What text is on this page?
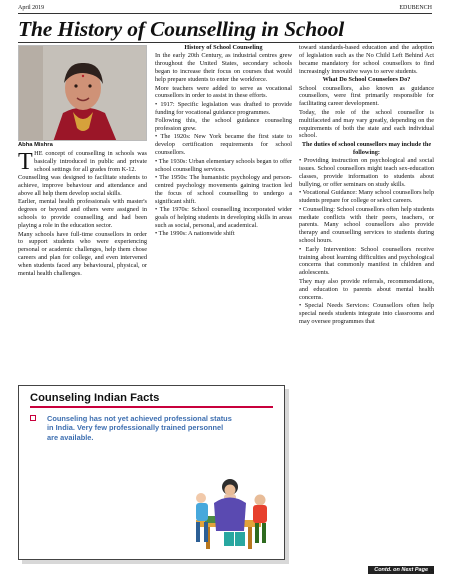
April 2019	EDUBENCH
The History of Counselling in School
Abha Mishra

THE concept of counselling in schools was basically introduced in public and private school settings for all grades from K-12.

Counselling was designed to facilitate students to achieve, improve behaviour and attendance and above all help them develop social skills.

Earlier, mental health professionals with master's degrees or beyond and others were assigned in schools to provide counselling and had been playing a role in the education sector.

Many schools have full-time counsellors in order to support students who were experiencing personal or academic challenges, help them chose careers and plan for college, and even intervened when students faced any behavioural, physical, or mental health challenges.

History of School Counseling

In the early 20th Century, as industrial centres grew throughout the United States, secondary schools began to increase their focus on courses that would help prepare students to enter the workforce.

More teachers were added to serve as vocational counsellors in order to assist in these efforts.

• 1917: Specific legislation was drafted to provide funding for vocational guidance programmes.

Following this, the school guidance counseling profession grew.

• The 1920s: New York became the first state to develop certification requirements for school counsellors.

• The 1930s: Urban elementary schools began to offer school counselling services.

• The 1950s: The humanistic psychology and person-centred psychology movements gaining traction led the focus of school counselling to undergo a significant shift.

• The 1970s: School counselling incorporated wider goals of helping students in developing skills in areas such as social, personal, and academical.

• The 1990s: A nationwide shift

toward standards-based education and the adoption of legislation such as the No Child Left Behind Act became mandatory for school counsellors to find increasingly innovative ways to serve students.

What Do School Counselors Do?

School counsellors, also known as guidance counsellors, were first primarily responsible for facilitating career development.

Today, the role of the school counsellor is multifaceted and may vary greatly, depending on the requirements of both the state and each individual school.

The duties of school counsellors may include the following:

• Providing instruction on psychological and social issues. School counsellors might teach sex-education classes, provide information to students about bullying, or offer seminars on study skills.

• Vocational Guidance: Many school counsellors help students prepare for college or select careers.

• Counselling: School counsellors often help students mediate conflicts with their peers, teachers, or parents. Many school counsellors also provide therapy and counselling services to students during school hours.

• Early Intervention: School counsellors receive training about learning difficulties and psychological concerns that commonly manifest in children and adolescents.

They may also provide referrals, recommendations, and education to parents about mental health concerns.

• Special Needs Services: Counsellors often help special needs students integrate into classrooms and may oversee programmes that

Counseling Indian Facts
Counseling has not yet achieved professional status in India. Very few professionally trained personnel are available.
Contd. on Next Page 15
